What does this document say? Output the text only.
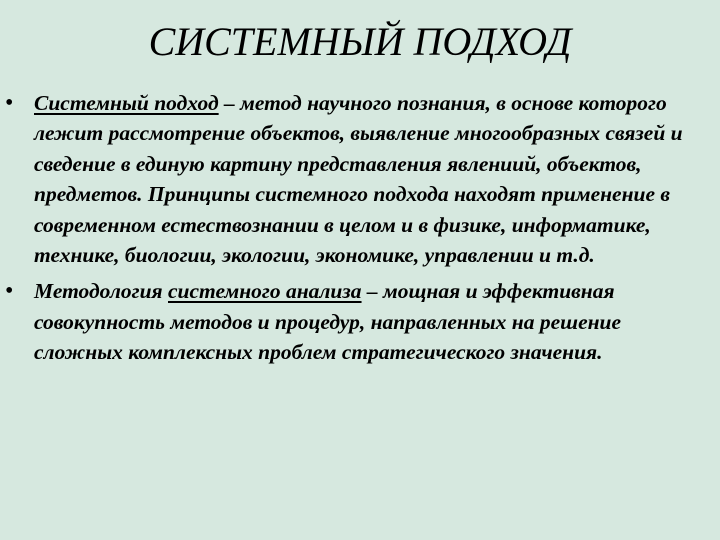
СИСТЕМНЫЙ ПОДХОД
• Системный подход – метод научного познания, в основе которого лежит рассмотрение объектов, выявление многообразных связей и сведение в единую картину представления явлениий, объектов, предметов. Принципы системного подхода находят применение в современном естествознании в целом и в физике, информатике, технике, биологии, экологии, экономике, управлении и т.д.
• Методология системного анализа – мощная и эффективная совокупность методов и процедур, направленных на решение сложных комплексных проблем стратегического значения.
